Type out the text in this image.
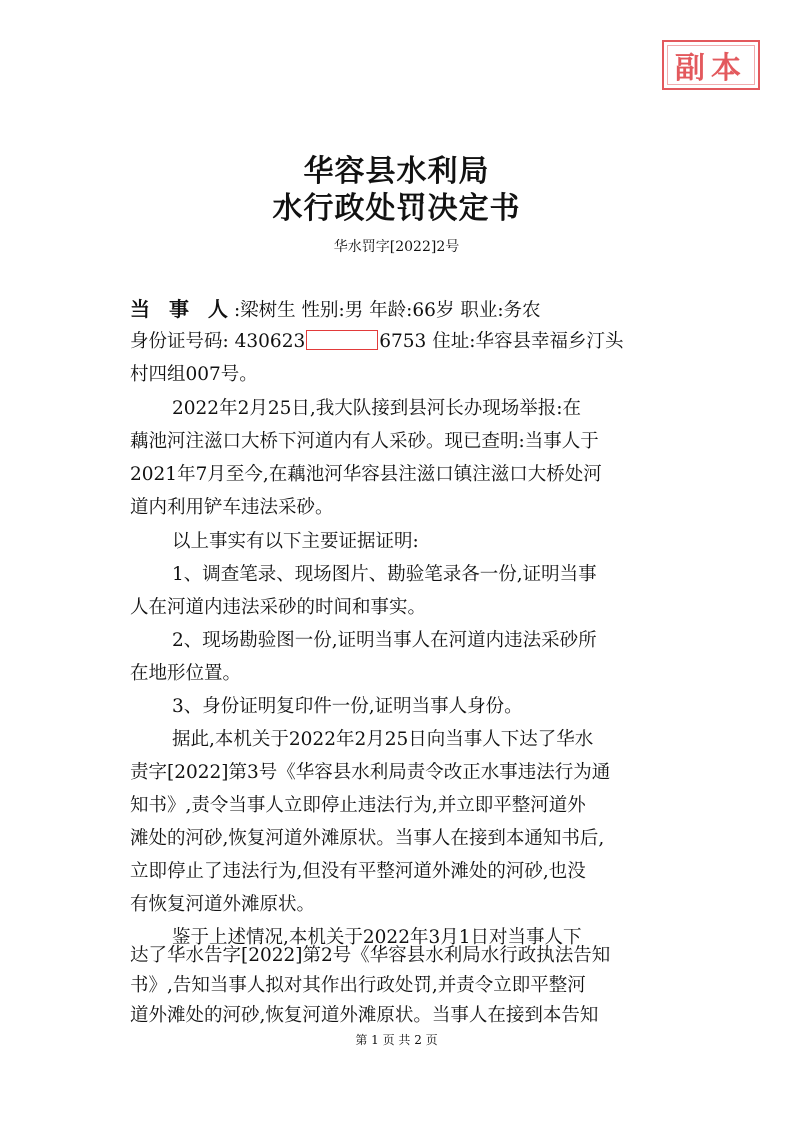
副本
华容县水利局
水行政处罚决定书
华水罚字[2022]2号
当 事 人:梁树生 性别:男 年龄:66岁 职业:务农
身份证号码: 430623	6753 住址:华容县幸福乡汀头
村四组007号。
2022年2月25日,我大队接到县河长办现场举报:在
藕池河注滋口大桥下河道内有人采砂。现已查明:当事人于
2021年7月至今,在藕池河华容县注滋口镇注滋口大桥处河
道内利用铲车违法采砂。
以上事实有以下主要证据证明:
1、调查笔录、现场图片、勘验笔录各一份,证明当事
人在河道内违法采砂的时间和事实。
2、现场勘验图一份,证明当事人在河道内违法采砂所
在地形位置。
3、身份证明复印件一份,证明当事人身份。
据此,本机关于2022年2月25日向当事人下达了华水
责字[2022]第3号《华容县水利局责令改正水事违法行为通
知书》,责令当事人立即停止违法行为,并立即平整河道外
滩处的河砂,恢复河道外滩原状。当事人在接到本通知书后,
立即停止了违法行为,但没有平整河道外滩处的河砂,也没
有恢复河道外滩原状。
鉴于上述情况,本机关于2022年3月1日对当事人下
达了华水告字[2022]第2号《华容县水利局水行政执法告知
书》,告知当事人拟对其作出行政处罚,并责令立即平整河
第 1 页 共 2 页
道外滩处的河砂,恢复河道外滩原状。当事人在接到本告知
